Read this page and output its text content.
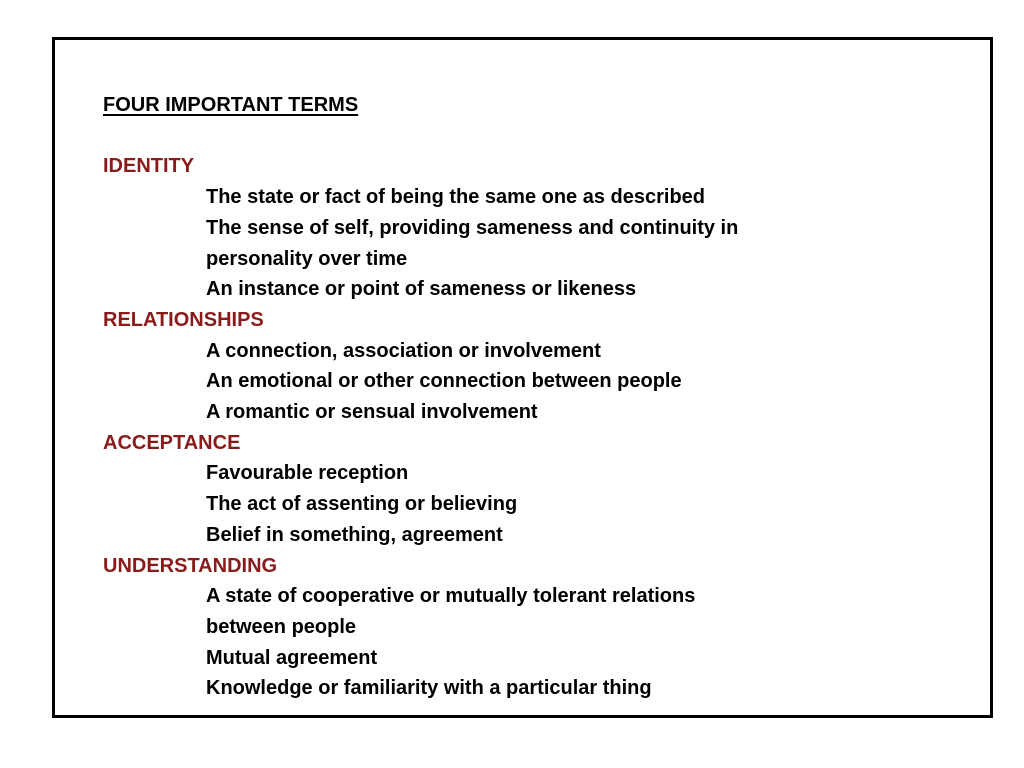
FOUR IMPORTANT TERMS
IDENTITY
The state or fact of being the same one as described
The sense of self, providing sameness and continuity in
personality over time
An instance or point of sameness or likeness
RELATIONSHIPS
A connection, association or involvement
An emotional or other connection between people
A romantic or sensual involvement
ACCEPTANCE
Favourable reception
The act of assenting or believing
Belief in something, agreement
UNDERSTANDING
A state of cooperative or mutually tolerant relations
between people
Mutual agreement
Knowledge or familiarity with a particular thing
